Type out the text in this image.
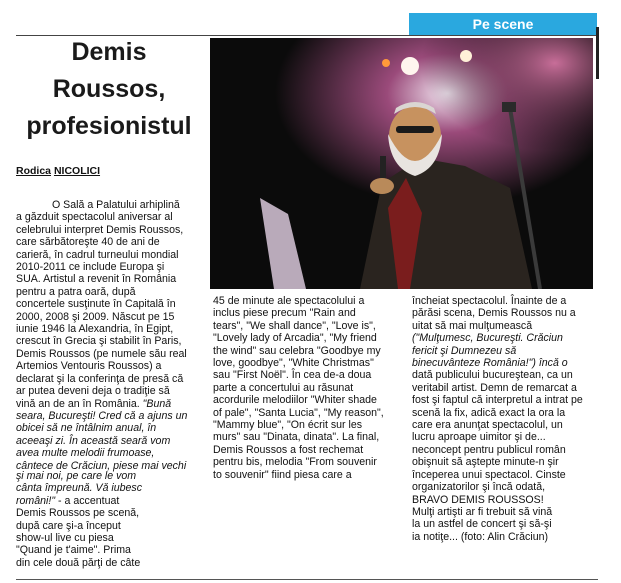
Pe scene
Demis
Roussos,
profesionistul
Rodica NICOLICI

O Sală a Palatului arhiplină

a găzduit spectacolul aniversar al

celebrului interpret Demis Roussos,

care sărbătoreşte 40 de ani de

carieră, în cadrul turneului mondial

2010-2011 ce include Europa şi

SUA. Artistul a revenit în România

pentru a patra oară, după

concertele susţinute în Capitală în

2000, 2008 şi 2009. Născut pe 15

iunie 1946 la Alexandria, în Egipt,

crescut în Grecia şi stabilit în Paris,

Demis Roussos (pe numele său real

Artemios Ventouris Roussos) a

declarat şi la conferinţa de presă că

ar putea deveni deja o tradiţie să

vină an de an în România. "Bună

seara, Bucureşti! Cred că a ajuns un

obicei să ne întâlnim anual, în

aceeaşi zi. În această seară vom

avea multe melodii frumoase,

cântece de Crăciun, piese mai vechi

şi mai noi, pe care le vom

cânta împreună. Vă iubesc

români!" - a accentuat

Demis Roussos pe scenă,

după care şi-a început

show-ul live cu piesa

"Quand je t'aime". Prima

din cele două părţi de câte

45 de minute ale spectacolului a

inclus piese precum "Rain and

tears", "We shall dance", "Love is",

"Lovely lady of Arcadia", "My friend

the wind" sau celebra "Goodbye my

love, goodbye", "White Christmas"

sau "First Noël". În cea de-a doua

parte a concertului au răsunat

acordurile melodiilor "Whiter shade

of pale", "Santa Lucia", "My reason",

"Mammy blue", "On écrit sur les

murs" sau "Dinata, dinata". La final,

Demis Roussos a fost rechemat

pentru bis, melodia "From souvenir

to souvenir" fiind piesa care a

încheiat spectacolul. Înainte de a

părăsi scena, Demis Roussos nu a

uitat să mai mulţumească

("Mulţumesc, Bucureşti. Crăciun

fericit şi Dumnezeu să

binecuvânteze România!") încă o

dată publicului bucureştean, ca un

veritabil artist. Demn de remarcat a

fost şi faptul că interpretul a intrat pe

scenă la fix, adică exact la ora la

care era anunţat spectacolul, un

lucru aproape uimitor şi de...

neconcept pentru publicul român

obişnuit să aştepte minute-n şir

începerea unui spectacol. Cinste

organizatorilor şi încă odată,

BRAVO DEMIS ROUSSOS!

Mulţi artişti ar fi trebuit să vină

la un astfel de concert şi să-şi

ia notiţe... (foto: Alin Crăciun)
